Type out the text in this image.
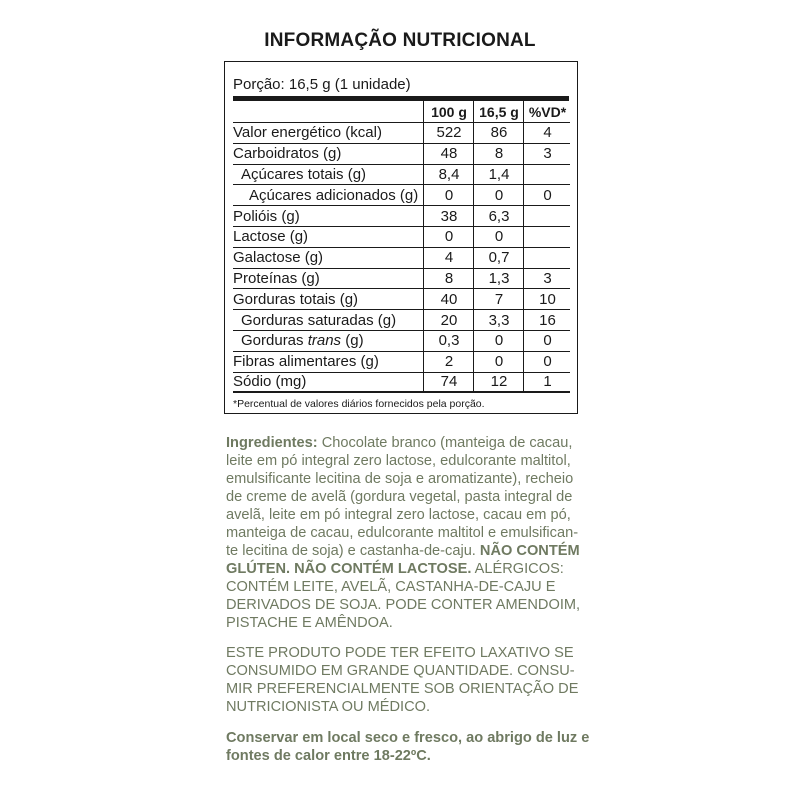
INFORMAÇÃO NUTRICIONAL
Porção: 16,5 g (1 unidade)
100 g 16,5 g %VD*
Valor energético (kcal)	522	86	4
Carboidratos (g)	48	8	3
Açúcares totais (g)	8,4	1,4
Açúcares adicionados (g)	0	0	0
Polióis (g)	38	6,3
Lactose (g)	0	0
Galactose (g)	4	0,7
Proteínas (g)	8	1,3	3
Gorduras totais (g)	40	7	10
Gorduras saturadas (g)	20	3,3	16
Gorduras trans (g)	0,3	0	0
Fibras alimentares (g)	2	0	0
Sódio (mg)	74	12	1
*Percentual de valores diários fornecidos pela porção.
Ingredientes: Chocolate branco (manteiga de cacau,
leite em pó integral zero lactose, edulcorante maltitol,
emulsificante lecitina de soja e aromatizante), recheio
de creme de avelã (gordura vegetal, pasta integral de
avelã, leite em pó integral zero lactose, cacau em pó,
manteiga de cacau, edulcorante maltitol e emulsifican-
te lecitina de soja) e castanha-de-caju. NÃO CONTÉM
GLÚTEN. NÃO CONTÉM LACTOSE. ALÉRGICOS:
CONTÉM LEITE, AVELÃ, CASTANHA-DE-CAJU E
DERIVADOS DE SOJA. PODE CONTER AMENDOIM,
PISTACHE E AMÊNDOA.
ESTE PRODUTO PODE TER EFEITO LAXATIVO SE
CONSUMIDO EM GRANDE QUANTIDADE. CONSU-
MIR PREFERENCIALMENTE SOB ORIENTAÇÃO DE
NUTRICIONISTA OU MÉDICO.
Conservar em local seco e fresco, ao abrigo de luz e
fontes de calor entre 18-22ºC.
